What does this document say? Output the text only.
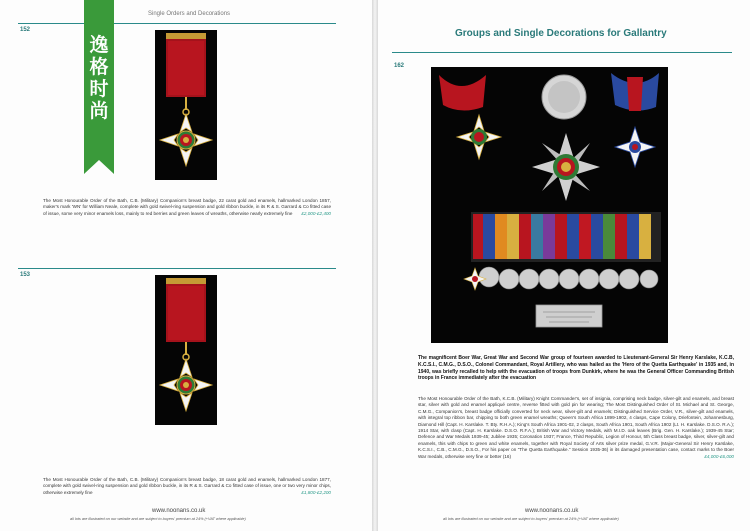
Single Orders and Decorations
152
逸
格
时
尚
The Most Honourable Order of the Bath, C.B. (Military) Companion's breast badge, 22 carat gold and enamels, hallmarked London 1857, maker's mark 'WN' for William Neale, complete with gold swivel-ring suspension and gold ribbon buckle, in its R & S. Garrard & Co fitted case of issue, some very minor enamels loss, mainly to red berries and green leaves of wreaths, otherwise nearly extremely fine £2,000-£2,400
153
The Most Honourable Order of the Bath, C.B. (Military) Companion's breast badge, 18 carat gold and enamels, hallmarked London 1877, complete with gold swivel-ring suspension and gold ribbon buckle, in its R & S. Garrard & Co fitted case of issue, one or two very minor chips, otherwise extremely fine	£1,800-£2,200
www.noonans.co.uk
all lots are illustrated on our website and are subject to buyers' premium at 24% (+VAT where applicable)
Groups and Single Decorations for Gallantry
162
The magnificent Boer War, Great War and Second War group of fourteen awarded to Lieutenant-General Sir Henry Karslake, K.C.B, K.C.S.I., C.M.G., D.S.O., Colonel Commandant, Royal Artillery, who was hailed as the 'Hero of the Quetta Earthquake' in 1935 and, in 1940, was briefly recalled to help with the evacuation of troops from Dunkirk, where he was the General Officer Commanding British troops in France immediately after the evacuation
The Most Honourable Order of the Bath, K.C.B. (Military) Knight Commander's, set of insignia, comprising neck badge, silver-gilt and enamels, and breast star, silver with gold and enamel appliqué centre, reverse fitted with gold pin for wearing; The Most Distinguished Order of St. Michael and St. George, C.M.G., Companion's, breast badge officially converted for neck wear, silver-gilt and enamels; Distinguished Service Order, V.R., silver-gilt and enamels, with integral top ribbon bar, chipping to both green enamel wreaths; Queen's South Africa 1899-1902, 4 clasps, Cape Colony, Driefontein, Johannesburg, Diamond Hill (Capt. H. Karslake. T. Bty. R.H.A.); King's South Africa 1901-02, 2 clasps, South Africa 1901, South Africa 1902 (Lt. H. Karslake. D.S.O. R.A.); 1914 Star, with clasp (Capt. H. Karslake. D.S.O. R.F.A.); British War and Victory Medals, with M.I.D. oak leaves (Brig. Gen. H. Karslake.); 1939-45 Star; Defence and War Medals 1939-45; Jubilee 1935; Coronation 1937; France, Third Republic, Legion of Honour, 5th Class breast badge, silver, silver-gilt and enamels, this with chips to green and white enamels, together with Royal Society of Arts silver prize medal, G.V.R. (Major-General Sir Henry Karslake, K.C.S.I., C.B., C.M.G., D.S.O., For his paper on "The Quetta Earthquake." Session 1935-36) in its damaged presentation case, contact marks to the Boer War medals, otherwise very fine or better (16)	£4,000-£6,000
www.noonans.co.uk
all lots are illustrated on our website and are subject to buyers' premium at 24% (+VAT where applicable)
